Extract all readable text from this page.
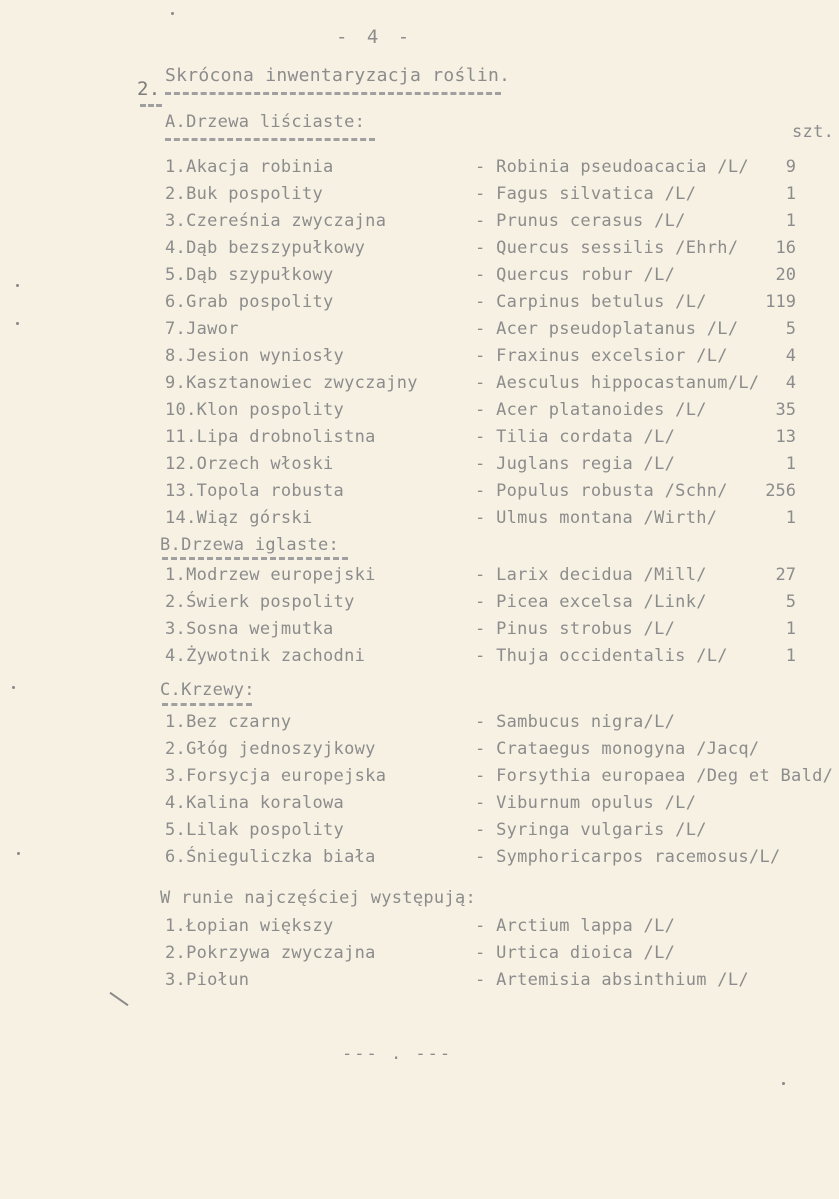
- 4 -
2.
Skrócona inwentaryzacja roślin.
A.Drzewa liściaste:	szt.
1.Akacja robinia	- Robinia pseudoacacia /L/	9
2.Buk pospolity	- Fagus silvatica /L/	1
3.Czereśnia zwyczajna	- Prunus cerasus /L/	1
4.Dąb bezszypułkowy	- Quercus sessilis /Ehrh/	16
5.Dąb szypułkowy	- Quercus robur /L/	20
6.Grab pospolity	- Carpinus betulus /L/	119
7.Jawor	- Acer pseudoplatanus /L/	5
8.Jesion wyniosły	- Fraxinus excelsior /L/	4
9.Kasztanowiec zwyczajny	- Aesculus hippocastanum/L/	4
10.Klon pospolity	- Acer platanoides /L/	35
11.Lipa drobnolistna	- Tilia cordata /L/	13
12.Orzech włoski	- Juglans regia /L/	1
13.Topola robusta	- Populus robusta /Schn/	256
14.Wiąz górski	- Ulmus montana /Wirth/	1
B.Drzewa iglaste:
1.Modrzew europejski	- Larix decidua /Mill/	27
2.Świerk pospolity	- Picea excelsa /Link/	5
3.Sosna wejmutka	- Pinus strobus /L/	1
4.Żywotnik zachodni	- Thuja occidentalis /L/	1
C.Krzewy:
1.Bez czarny	- Sambucus nigra/L/
2.Głóg jednoszyjkowy	- Crataegus monogyna /Jacq/
3.Forsycja europejska	- Forsythia europaea /Deg et Bald/
4.Kalina koralowa	- Viburnum opulus /L/
5.Lilak pospolity	- Syringa vulgaris /L/
6.Śnieguliczka biała	- Symphoricarpos racemosus/L/
W runie najczęściej występują:
1.Łopian większy	- Arctium lappa /L/
2.Pokrzywa zwyczajna	- Urtica dioica /L/
3.Piołun	- Artemisia absinthium /L/
--- . ---
